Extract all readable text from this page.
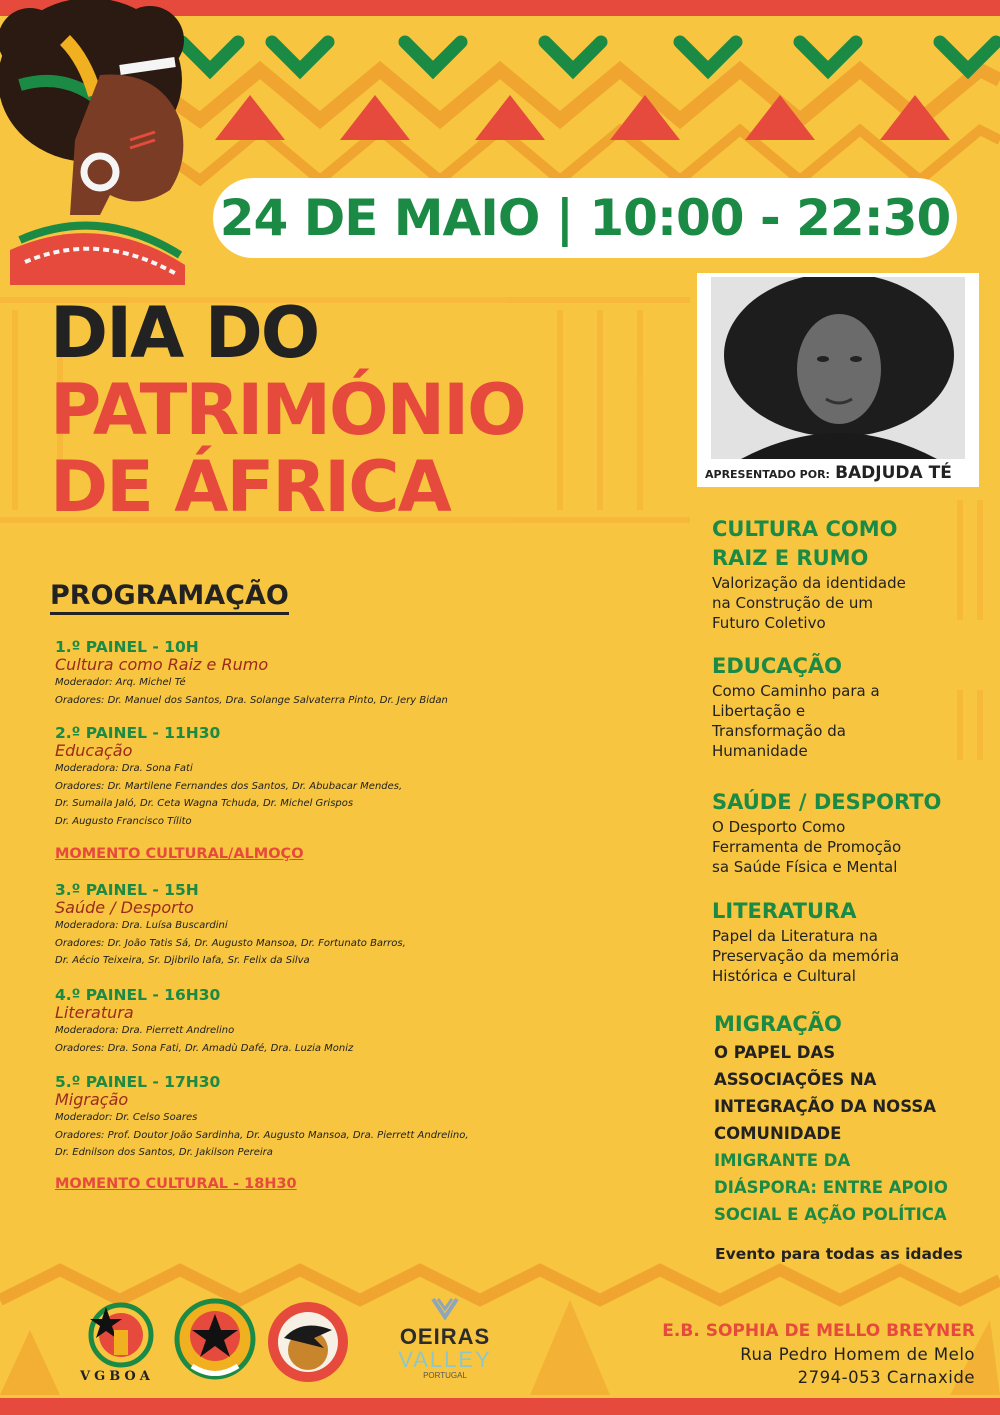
24 DE MAIO | 10:00 - 22:30
DIA DO
PATRIMÓNIO
DE ÁFRICA	APRESENTADO POR: BADJUDA TÉ
PROGRAMAÇÃO
1.º PAINEL - 10H
Cultura como Raiz e Rumo
Moderador: Arq. Michel Té
Oradores: Dr. Manuel dos Santos, Dra. Solange Salvaterra Pinto, Dr. Jery Bidan
2.º PAINEL - 11H30
Educação
Moderadora: Dra. Sona Fati
Oradores: Dr. Martilene Fernandes dos Santos, Dr. Abubacar Mendes,
Dr. Sumaila Jaló, Dr. Ceta Wagna Tchuda, Dr. Michel Grispos
Dr. Augusto Francisco Tílito
MOMENTO CULTURAL/ALMOÇO
3.º PAINEL - 15H
Saúde / Desporto
Moderadora: Dra. Luísa Buscardini
Oradores: Dr. João Tatis Sá, Dr. Augusto Mansoa, Dr. Fortunato Barros,
Dr. Aécio Teixeira, Sr. Djibrilo Iafa, Sr. Felix da Silva
4.º PAINEL - 16H30
Literatura
Moderadora: Dra. Pierrett Andrelino
Oradores: Dra. Sona Fati, Dr. Amadù Dafé, Dra. Luzia Moniz
5.º PAINEL - 17H30
Migração
Moderador: Dr. Celso Soares
Oradores: Prof. Doutor João Sardinha, Dr. Augusto Mansoa, Dra. Pierrett Andrelino,
Dr. Ednilson dos Santos, Dr. Jakilson Pereira
MOMENTO CULTURAL - 18H30
CULTURA COMO
RAIZ E RUMO
Valorização da identidade
na Construção de um
Futuro Coletivo
EDUCAÇÃO
Como Caminho para a
Libertação e
Transformação da
Humanidade
SAÚDE / DESPORTO
O Desporto Como
Ferramenta de Promoção
sa Saúde Física e Mental
LITERATURA
Papel da Literatura na
Preservação da memória
Histórica e Cultural
MIGRAÇÃO
O PAPEL DAS
ASSOCIAÇÕES NA
INTEGRAÇÃO DA NOSSA
COMUNIDADE
IMIGRANTE DA
DIÁSPORA: ENTRE APOIO
SOCIAL E AÇÃO POLÍTICA
Evento para todas as idades
VGBOA
OEIRAS
VALLEY
PORTUGAL
E.B. SOPHIA DE MELLO BREYNER
Rua Pedro Homem de Melo
2794-053 Carnaxide
